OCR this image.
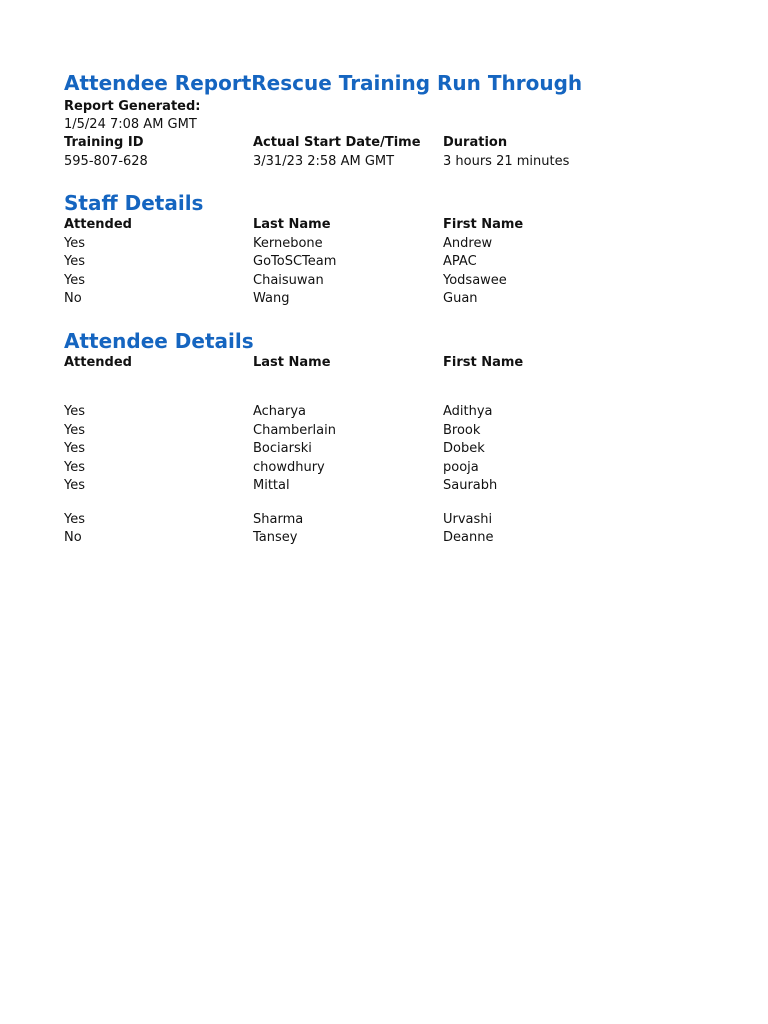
Attendee ReportRescue Training Run Through
Report Generated:
1/5/24 7:08 AM GMT
Training ID	Actual Start Date/Time	Duration
595-807-628	3/31/23 2:58 AM GMT	3 hours 21 minutes
Staff Details
Attended	Last Name	First Name
Yes	Kernebone	Andrew
Yes	GoToSCTeam	APAC
Yes	Chaisuwan	Yodsawee
No	Wang	Guan
Attendee Details
Attended	Last Name	First Name
Yes	Acharya	Adithya
Yes	Chamberlain	Brook
Yes	Bociarski	Dobek
Yes	chowdhury	pooja
Yes	Mittal	Saurabh
Yes	Sharma	Urvashi
No	Tansey	Deanne
